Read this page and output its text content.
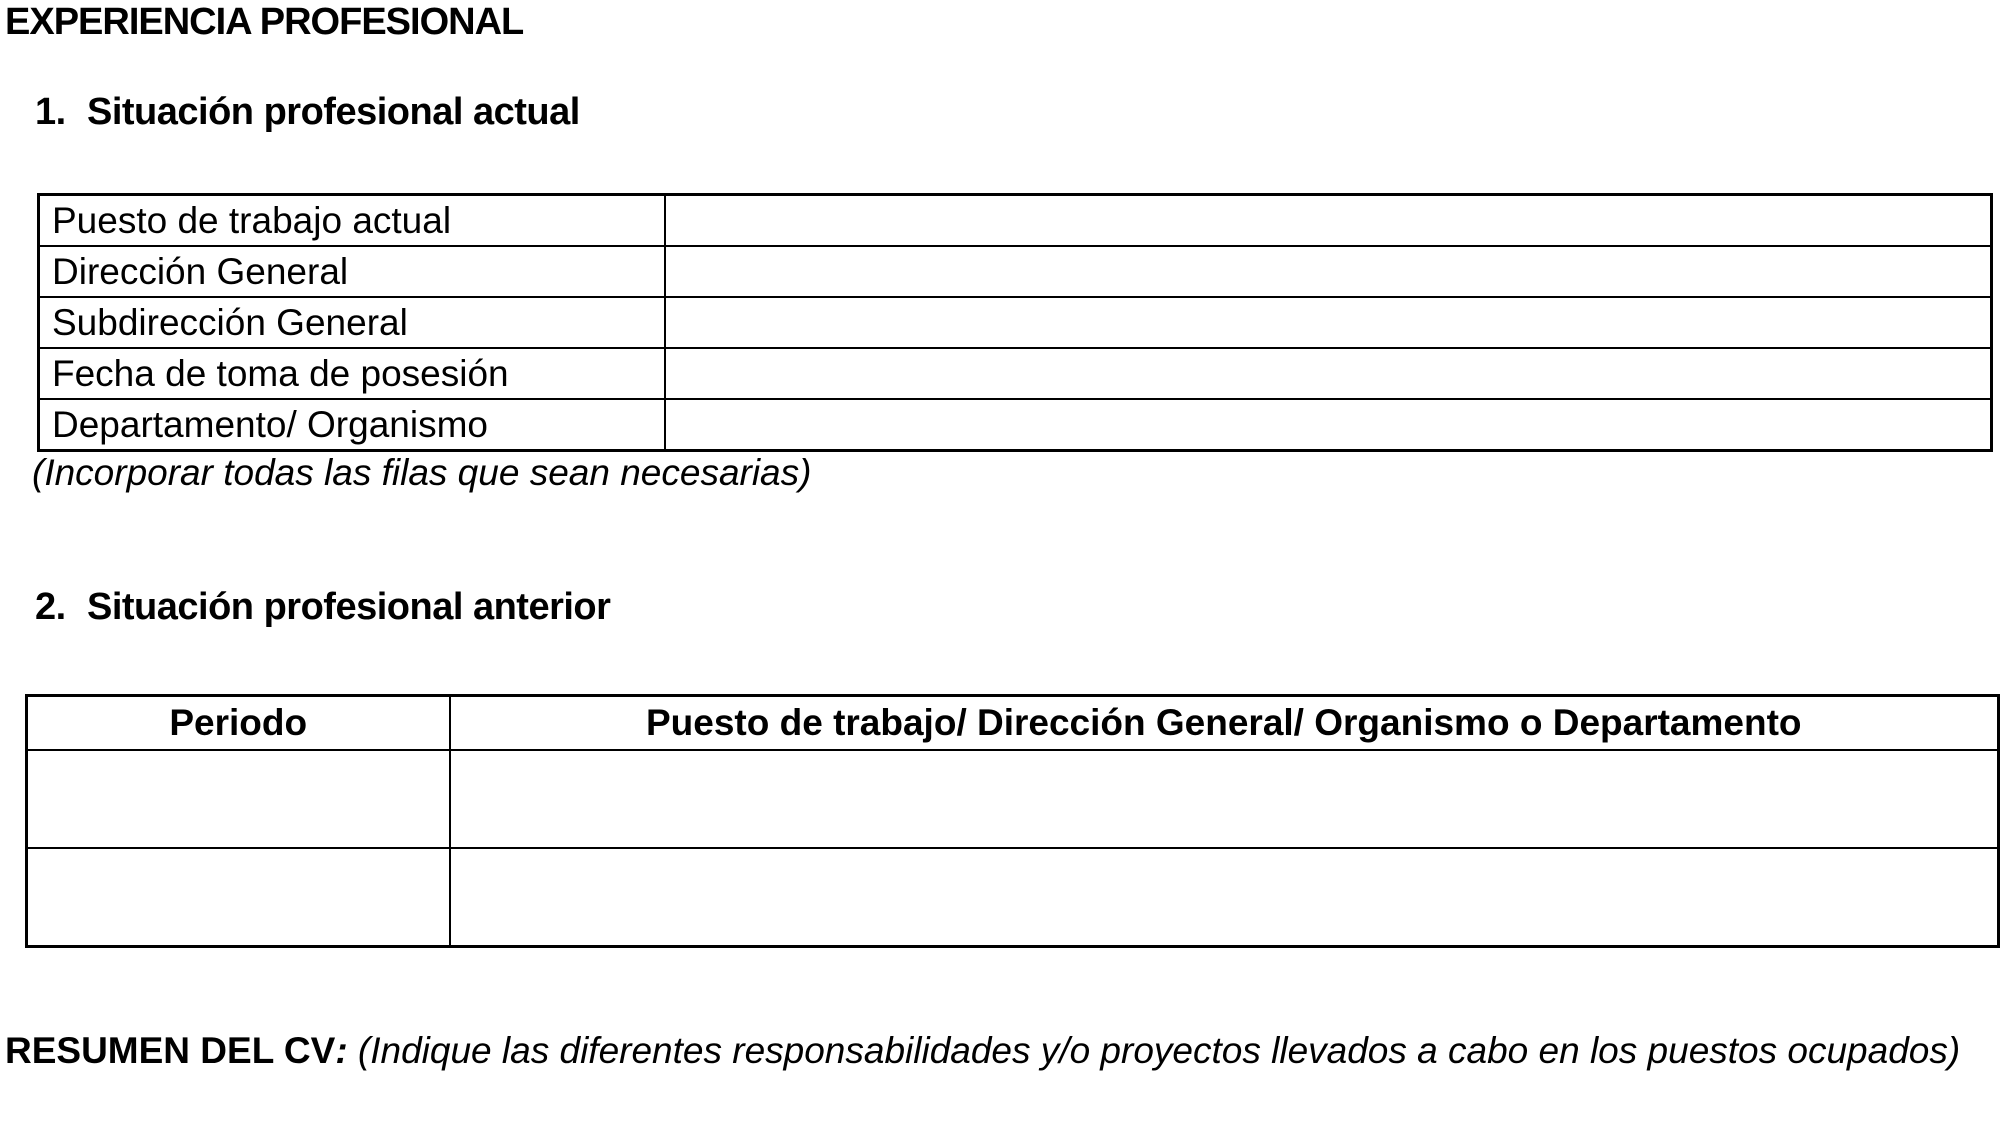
EXPERIENCIA PROFESIONAL
1. Situación profesional actual
Puesto de trabajo actual	
Dirección General	
Subdirección General	
Fecha de toma de posesión	
Departamento/ Organismo	
(Incorporar todas las filas que sean necesarias)
2. Situación profesional anterior
Periodo	Puesto de trabajo/ Dirección General/ Organismo o Departamento

RESUMEN DEL CV: (Indique las diferentes responsabilidades y/o proyectos llevados a cabo en los puestos ocupados)
